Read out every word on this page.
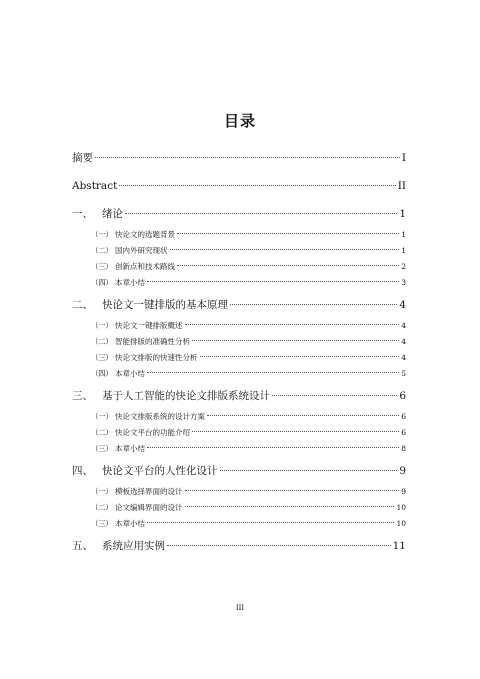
目录
摘要	I
Abstract	II
一、 绪论	1
（一） 快论文的选题背景	1
（二） 国内外研究现状	1
（三） 创新点和技术路线	2
（四） 本章小结	3
二、 快论文一键排版的基本原理	4
（一） 快论文一键排版概述	4
（二） 智能排版的准确性分析	4
（三） 快论文排版的快速性分析	4
（四） 本章小结	5
三、 基于人工智能的快论文排版系统设计	6
（一） 快论文排版系统的设计方案	6
（二） 快论文平台的功能介绍	6
（三） 本章小结	8
四、 快论文平台的人性化设计	9
（一） 模板选择界面的设计	9
（二） 论文编辑界面的设计	10
（三） 本章小结	10
五、 系统应用实例	11
III
